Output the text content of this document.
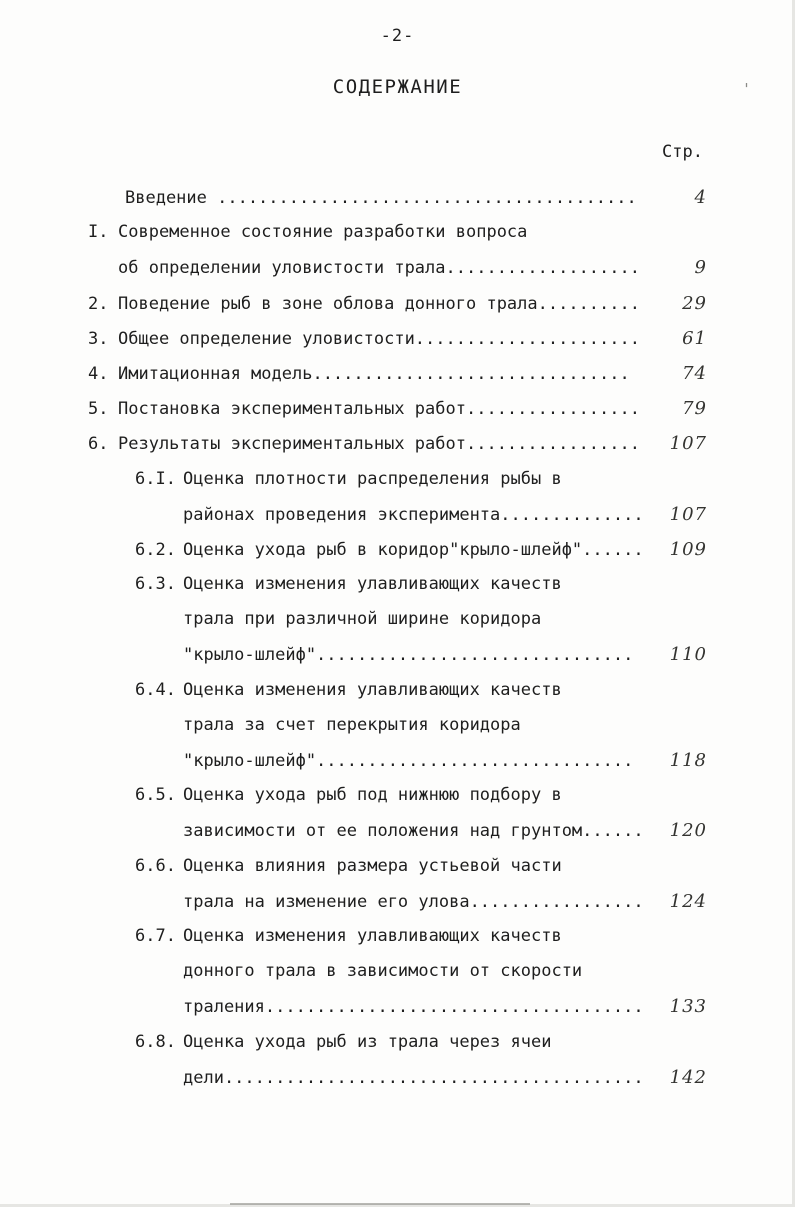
-2-
СОДЕРЖАНИЕ	'
Стр.
Введение .........................................	4
I. Современное состояние разработки вопроса
об определении уловистости трала...................	9
2. Поведение рыб в зоне облова донного трала..........	29
3. Общее определение уловистости......................	61
4. Имитационная модель...............................	74
5. Постановка экспериментальных работ.................	79
6. Результаты экспериментальных работ.................	107
6.I. Оценка плотности распределения рыбы в
районах проведения эксперимента..............	107
6.2. Оценка ухода рыб в коридор"крыло-шлейф"......	109
6.3. Оценка изменения улавливающих качеств
трала при различной ширине коридора
"крыло-шлейф"...............................	110
6.4. Оценка изменения улавливающих качеств
трала за счет перекрытия коридора
"крыло-шлейф"...............................	118
6.5. Оценка ухода рыб под нижнюю подбору в
зависимости от ее положения над грунтом......	120
6.6. Оценка влияния размера устьевой части
трала на изменение его улова.................	124
6.7. Оценка изменения улавливающих качеств
донного трала в зависимости от скорости
траления.....................................	133
6.8. Оценка ухода рыб из трала через ячеи
дели.........................................	142
